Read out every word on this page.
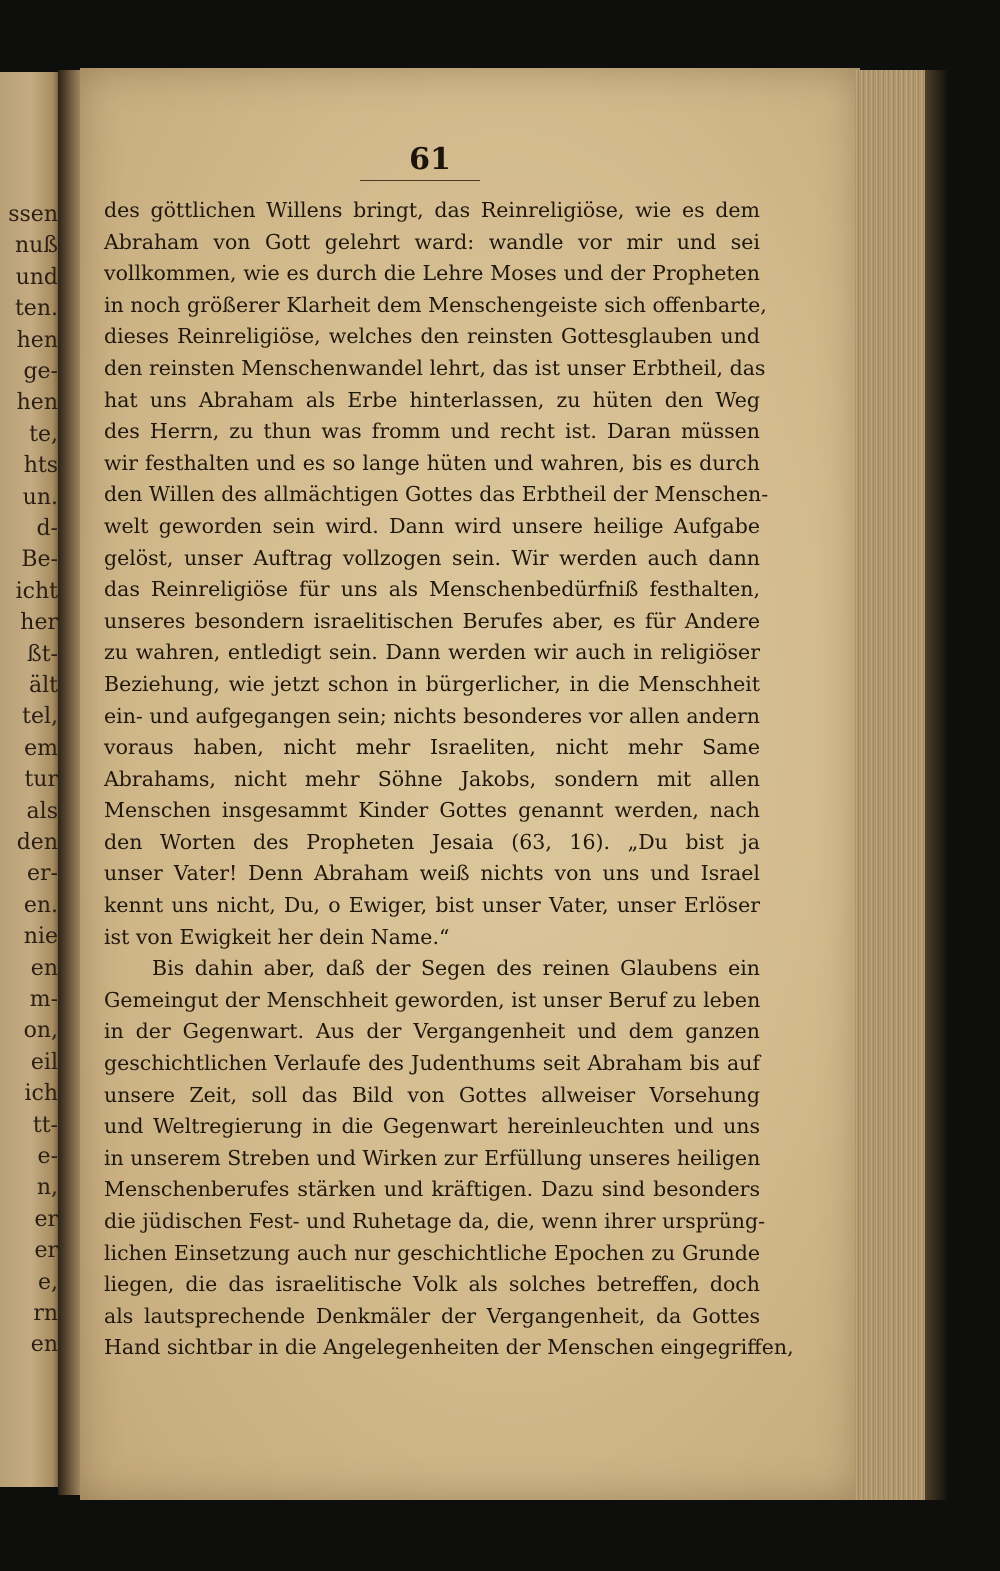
ssen
nuß
und
ten.
hen
ge-
hen
te,
hts
un.
d-
Be-
icht
her
ßt-
ält
tel,
em
tur
als
den
er-
en.
nie
en
m-
on,
eil
ich
tt-
e-
n,
er
er
e,
rn
en
61
des göttlichen Willens bringt, das Reinreligiöse, wie es dem
Abraham von Gott gelehrt ward: wandle vor mir und sei
vollkommen, wie es durch die Lehre Moses und der Propheten
in noch größerer Klarheit dem Menschengeiste sich offenbarte,
dieses Reinreligiöse, welches den reinsten Gottesglauben und
den reinsten Menschenwandel lehrt, das ist unser Erbtheil, das
hat uns Abraham als Erbe hinterlassen, zu hüten den Weg
des Herrn, zu thun was fromm und recht ist. Daran müssen
wir festhalten und es so lange hüten und wahren, bis es durch
den Willen des allmächtigen Gottes das Erbtheil der Menschen-
welt geworden sein wird. Dann wird unsere heilige Aufgabe
gelöst, unser Auftrag vollzogen sein. Wir werden auch dann
das Reinreligiöse für uns als Menschenbedürfniß festhalten,
unseres besondern israelitischen Berufes aber, es für Andere
zu wahren, entledigt sein. Dann werden wir auch in religiöser
Beziehung, wie jetzt schon in bürgerlicher, in die Menschheit
ein- und aufgegangen sein; nichts besonderes vor allen andern
voraus haben, nicht mehr Israeliten, nicht mehr Same
Abrahams, nicht mehr Söhne Jakobs, sondern mit allen
Menschen insgesammt Kinder Gottes genannt werden, nach
den Worten des Propheten Jesaia (63, 16). „Du bist ja
unser Vater! Denn Abraham weiß nichts von uns und Israel
kennt uns nicht, Du, o Ewiger, bist unser Vater, unser Erlöser
ist von Ewigkeit her dein Name.“
Bis dahin aber, daß der Segen des reinen Glaubens ein
Gemeingut der Menschheit geworden, ist unser Beruf zu leben
in der Gegenwart. Aus der Vergangenheit und dem ganzen
geschichtlichen Verlaufe des Judenthums seit Abraham bis auf
unsere Zeit, soll das Bild von Gottes allweiser Vorsehung
und Weltregierung in die Gegenwart hereinleuchten und uns
in unserem Streben und Wirken zur Erfüllung unseres heiligen
Menschenberufes stärken und kräftigen. Dazu sind besonders
die jüdischen Fest- und Ruhetage da, die, wenn ihrer ursprüng-
lichen Einsetzung auch nur geschichtliche Epochen zu Grunde
liegen, die das israelitische Volk als solches betreffen, doch
als lautsprechende Denkmäler der Vergangenheit, da Gottes
Hand sichtbar in die Angelegenheiten der Menschen eingegriffen,
